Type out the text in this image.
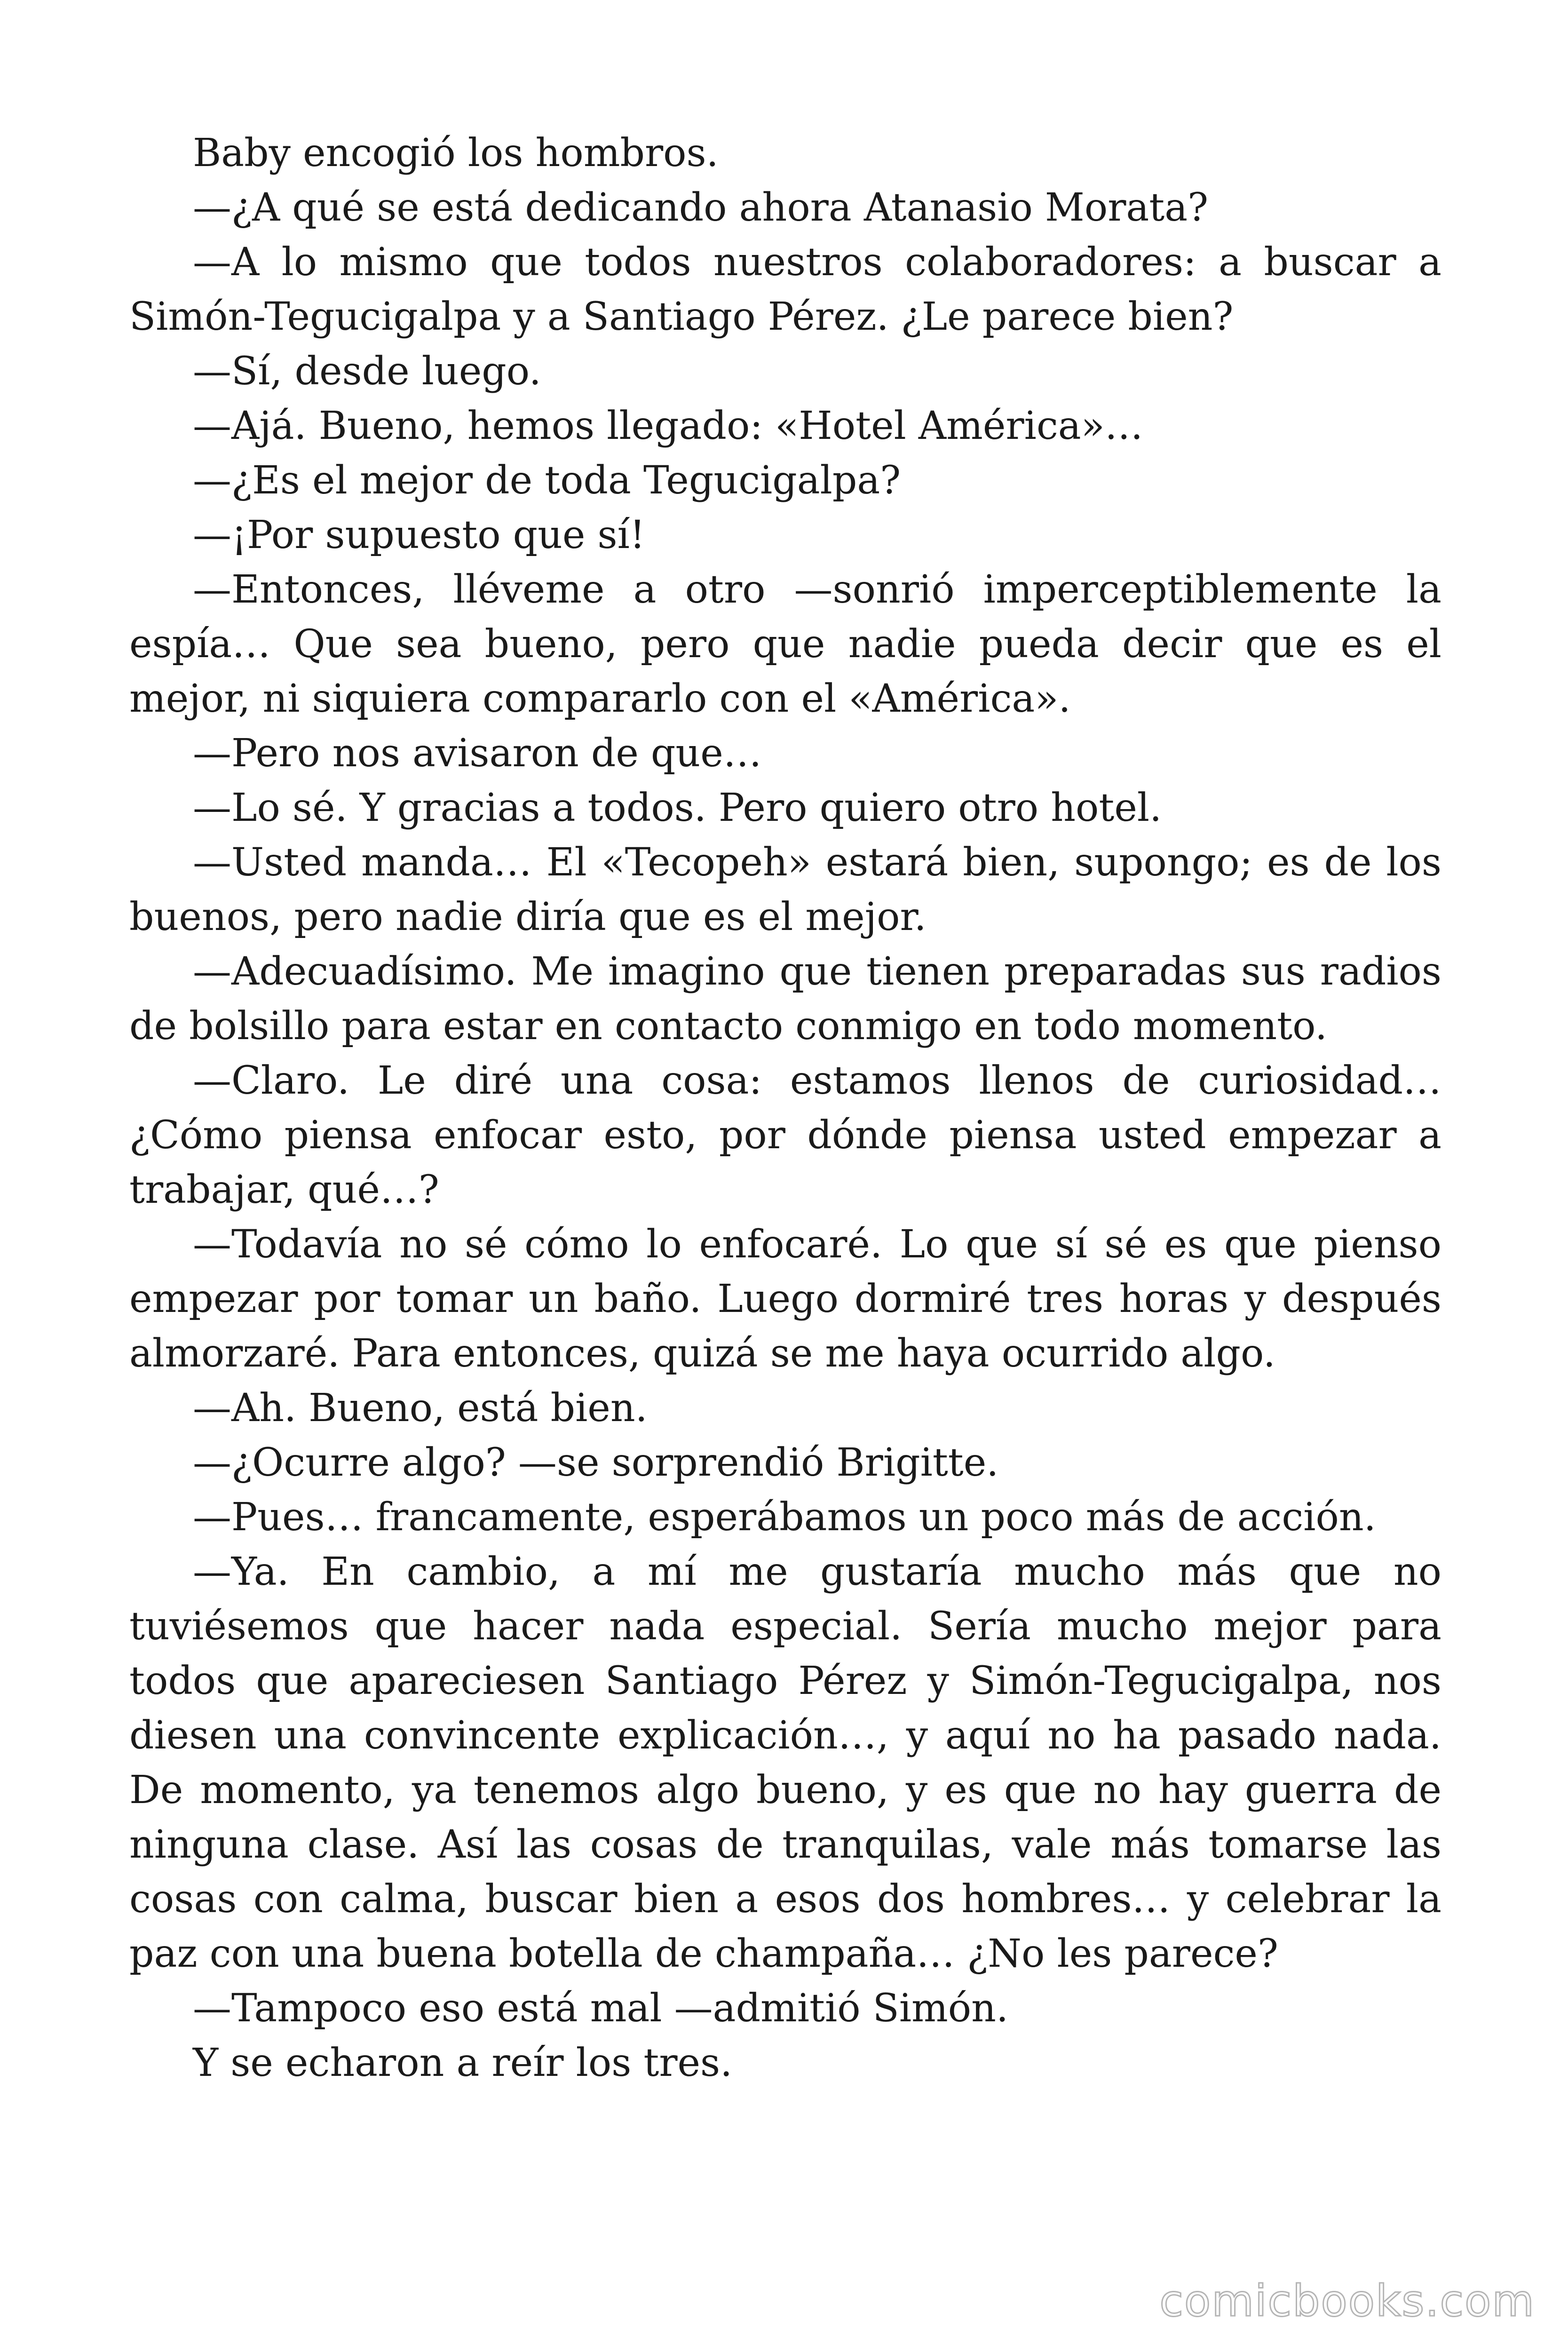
Baby encogió los hombros.

—¿A qué se está dedicando ahora Atanasio Morata?

—A lo mismo que todos nuestros colaboradores: a buscar a Simón-Tegucigalpa y a Santiago Pérez. ¿Le parece bien?

—Sí, desde luego.

—Ajá. Bueno, hemos llegado: «Hotel América»…

—¿Es el mejor de toda Tegucigalpa?

—¡Por supuesto que sí!

—Entonces, lléveme a otro —sonrió imperceptiblemente la espía… Que sea bueno, pero que nadie pueda decir que es el mejor, ni siquiera compararlo con el «América».

—Pero nos avisaron de que…

—Lo sé. Y gracias a todos. Pero quiero otro hotel.

—Usted manda… El «Tecopeh» estará bien, supongo; es de los buenos, pero nadie diría que es el mejor.

—Adecuadísimo. Me imagino que tienen preparadas sus radios de bolsillo para estar en contacto conmigo en todo momento.

—Claro. Le diré una cosa: estamos llenos de curiosidad… ¿Cómo piensa enfocar esto, por dónde piensa usted empezar a trabajar, qué…?

—Todavía no sé cómo lo enfocaré. Lo que sí sé es que pienso empezar por tomar un baño. Luego dormiré tres horas y después almorzaré. Para entonces, quizá se me haya ocurrido algo.

—Ah. Bueno, está bien.

—¿Ocurre algo? —se sorprendió Brigitte.

—Pues… francamente, esperábamos un poco más de acción.

—Ya. En cambio, a mí me gustaría mucho más que no tuviésemos que hacer nada especial. Sería mucho mejor para todos que apareciesen Santiago Pérez y Simón-Tegucigalpa, nos diesen una convincente explicación…, y aquí no ha pasado nada. De momento, ya tenemos algo bueno, y es que no hay guerra de ninguna clase. Así las cosas de tranquilas, vale más tomarse las cosas con calma, buscar bien a esos dos hombres… y celebrar la paz con una buena botella de champaña… ¿No les parece?

—Tampoco eso está mal —admitió Simón.

Y se echaron a reír los tres.

comicbooks.com
